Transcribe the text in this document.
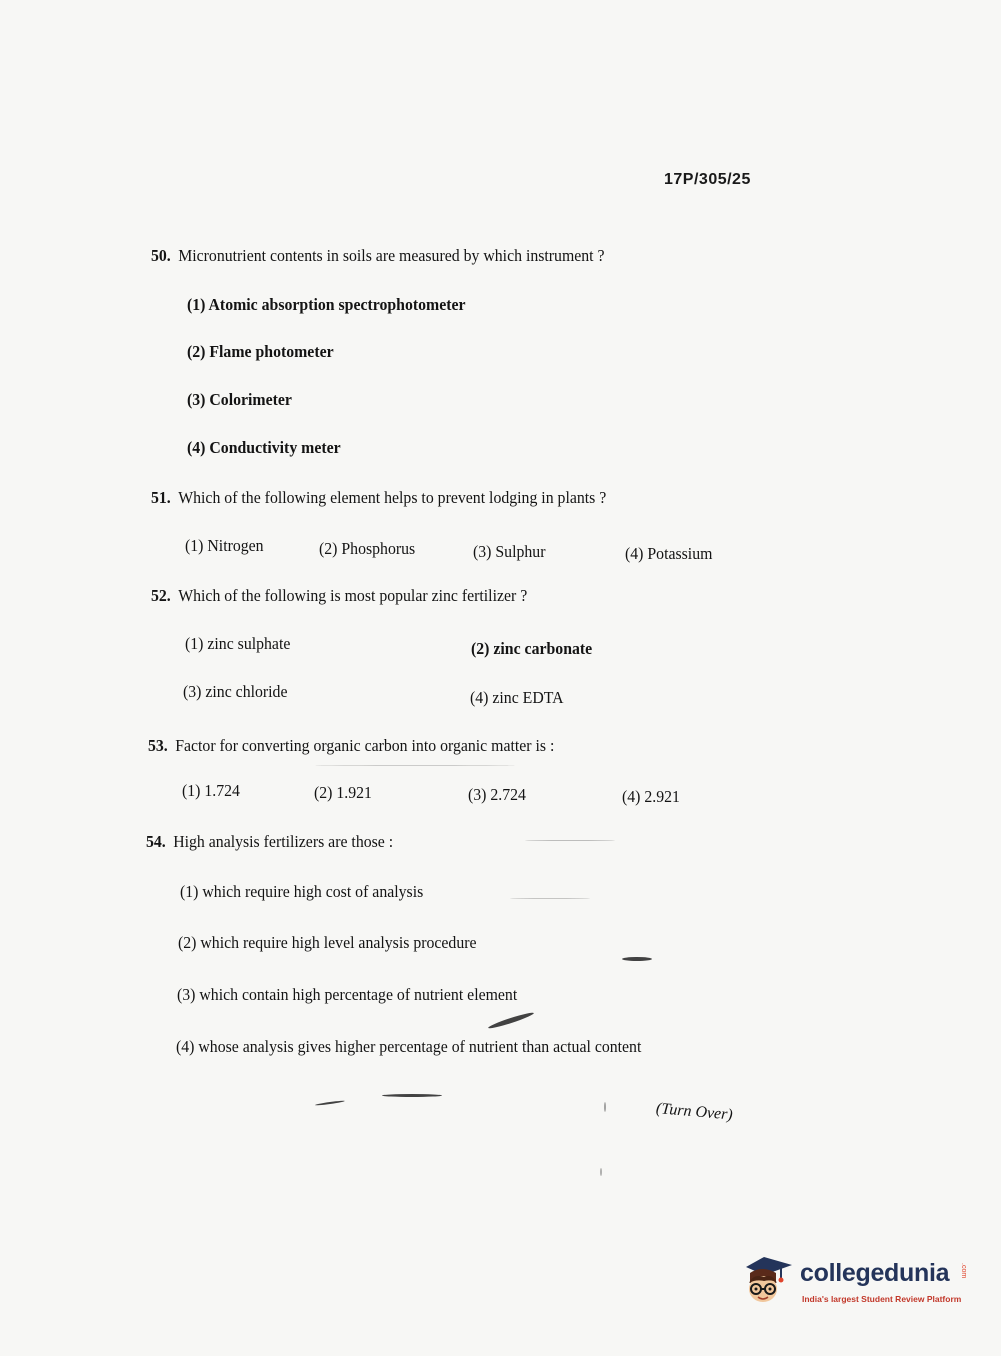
17P/305/25
50. Micronutrient contents in soils are measured by which instrument ?
(1) Atomic absorption spectrophotometer
(2) Flame photometer
(3) Colorimeter
(4) Conductivity meter
51. Which of the following element helps to prevent lodging in plants ?
(1) Nitrogen	(2) Phosphorus	(3) Sulphur	(4) Potassium
52. Which of the following is most popular zinc fertilizer ?
(1) zinc sulphate	(2) zinc carbonate
(3) zinc chloride	(4) zinc EDTA
53. Factor for converting organic carbon into organic matter is :
(1) 1.724	(2) 1.921	(3) 2.724	(4) 2.921
54. High analysis fertilizers are those :
(1) which require high cost of analysis
(2) which require high level analysis procedure
(3) which contain high percentage of nutrient element
(4) whose analysis gives higher percentage of nutrient than actual content
(Turn Over)
collegedunia .com
India's largest Student Review Platform
